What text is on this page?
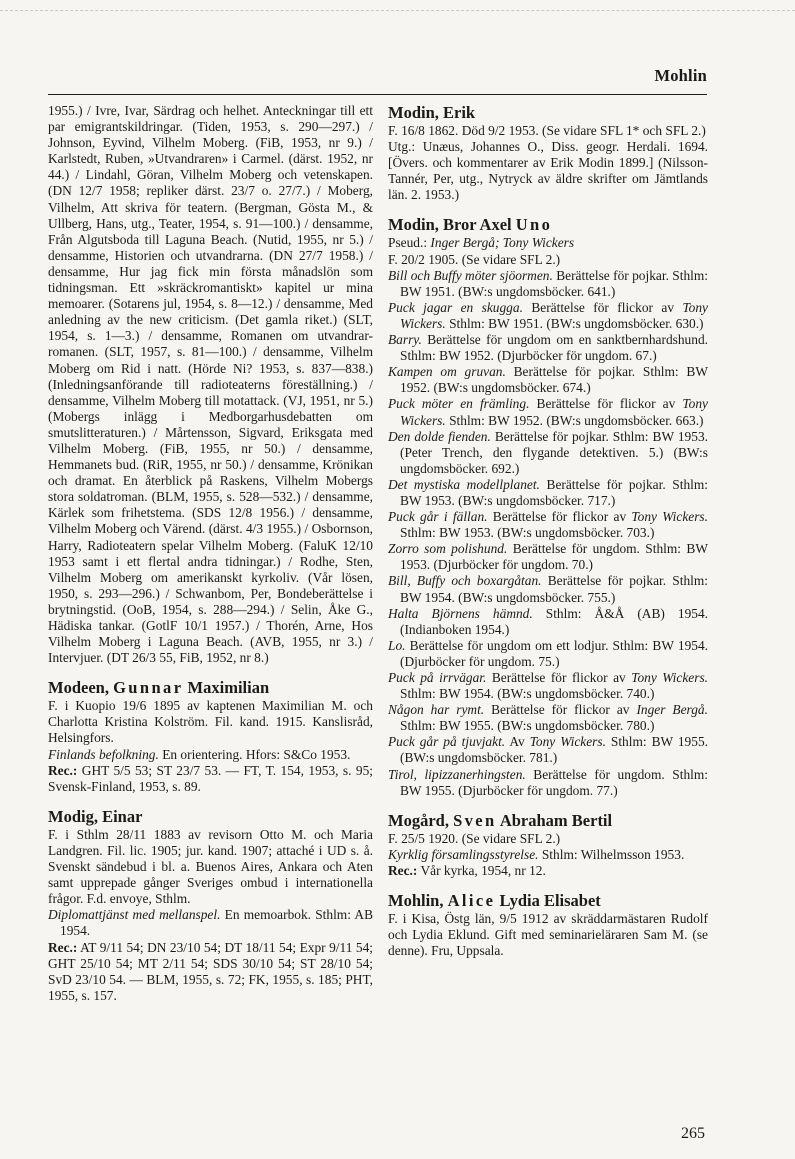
Mohlin

1955.) / Ivre, Ivar, Särdrag och helhet. Anteckningar till ett par emigrantskildringar. (Tiden, 1953, s. 290—297.) / Johnson, Eyvind, Vilhelm Moberg. (FiB, 1953, nr 9.) / Karlstedt, Ruben, »Utvandraren» i Carmel. (därst. 1952, nr 44.) / Lindahl, Göran, Vilhelm Moberg och vetenskapen. (DN 12/7 1958; repliker därst. 23/7 o. 27/7.) / Moberg, Vilhelm, Att skriva för teatern. (Bergman, Gösta M., & Ullberg, Hans, utg., Teater, 1954, s. 91—100.) / densamme, Från Algutsboda till Laguna Beach. (Nutid, 1955, nr 5.) / densamme, Historien och utvandrarna. (DN 27/7 1958.) / densamme, Hur jag fick min första månadslön som tidningsman. Ett »skräckromantiskt» kapitel ur mina memoarer. (Sotarens jul, 1954, s. 8—12.) / densamme, Med anledning av the new criticism. (Det gamla riket.) (SLT, 1954, s. 1—3.) / densamme, Romanen om utvandrar-romanen. (SLT, 1957, s. 81—100.) / densamme, Vilhelm Moberg om Rid i natt. (Hörde Ni? 1953, s. 837—838.) (Inledningsanförande till radioteaterns föreställning.) / densamme, Vilhelm Moberg till motattack. (VJ, 1951, nr 5.) (Mobergs inlägg i Medborgarhusdebatten om smutslitteraturen.) / Mårtensson, Sigvard, Eriksgata med Vilhelm Moberg. (FiB, 1955, nr 50.) / densamme, Hemmanets bud. (RiR, 1955, nr 50.) / densamme, Krönikan och dramat. En återblick på Raskens, Vilhelm Mobergs stora soldatroman. (BLM, 1955, s. 528—532.) / densamme, Kärlek som frihetstema. (SDS 12/8 1956.) / densamme, Vilhelm Moberg och Värend. (därst. 4/3 1955.) / Osbornson, Harry, Radioteatern spelar Vilhelm Moberg. (FaluK 12/10 1953 samt i ett flertal andra tidningar.) / Rodhe, Sten, Vilhelm Moberg om amerikanskt kyrkoliv. (Vår lösen, 1950, s. 293—296.) / Schwanbom, Per, Bondeberättelse i brytningstid. (OoB, 1954, s. 288—294.) / Selin, Åke G., Hädiska tankar. (GotlF 10/1 1957.) / Thorén, Arne, Hos Vilhelm Moberg i Laguna Beach. (AVB, 1955, nr 3.) / Intervjuer. (DT 26/3 55, FiB, 1952, nr 8.)

Modeen, Gunnar Maximilian

F. i Kuopio 19/6 1895 av kaptenen Maximilian M. och Charlotta Kristina Kolström. Fil. kand. 1915. Kanslisråd, Helsingfors.

Finlands befolkning. En orientering. Hfors: S&Co 1953.

Rec.: GHT 5/5 53; ST 23/7 53. — FT, T. 154, 1953, s. 95; Svensk-Finland, 1953, s. 89.

Modig, Einar

F. i Sthlm 28/11 1883 av revisorn Otto M. och Maria Landgren. Fil. lic. 1905; jur. kand. 1907; attaché i UD s. å. Svenskt sändebud i bl. a. Buenos Aires, Ankara och Aten samt upprepade gånger Sveriges ombud i internationella frågor. F.d. envoye, Sthlm.

Diplomattjänst med mellanspel. En memoarbok. Sthlm: AB 1954.

Rec.: AT 9/11 54; DN 23/10 54; DT 18/11 54; Expr 9/11 54; GHT 25/10 54; MT 2/11 54; SDS 30/10 54; ST 28/10 54; SvD 23/10 54. — BLM, 1955, s. 72; FK, 1955, s. 185; PHT, 1955, s. 157.

Modin, Erik

F. 16/8 1862. Död 9/2 1953. (Se vidare SFL 1* och SFL 2.)

Utg.: Unæus, Johannes O., Diss. geogr. Herdali. 1694. [Övers. och kommentarer av Erik Modin 1899.] (Nilsson-Tannér, Per, utg., Nytryck av äldre skrifter om Jämtlands län. 2. 1953.)

Modin, Bror Axel Uno

Pseud.: Inger Bergå; Tony Wickers

F. 20/2 1905. (Se vidare SFL 2.)

Bill och Buffy möter sjöormen. Berättelse för pojkar. Sthlm: BW 1951. (BW:s ungdomsböcker. 641.)

Puck jagar en skugga. Berättelse för flickor av Tony Wickers. Sthlm: BW 1951. (BW:s ungdomsböcker. 630.)

Barry. Berättelse för ungdom om en sanktbernhardshund. Sthlm: BW 1952. (Djurböcker för ungdom. 67.)

Kampen om gruvan. Berättelse för pojkar. Sthlm: BW 1952. (BW:s ungdomsböcker. 674.)

Puck möter en främling. Berättelse för flickor av Tony Wickers. Sthlm: BW 1952. (BW:s ungdomsböcker. 663.)

Den dolde fienden. Berättelse för pojkar. Sthlm: BW 1953. (Peter Trench, den flygande detektiven. 5.) (BW:s ungdomsböcker. 692.)

Det mystiska modellplanet. Berättelse för pojkar. Sthlm: BW 1953. (BW:s ungdomsböcker. 717.)

Puck går i fällan. Berättelse för flickor av Tony Wickers. Sthlm: BW 1953. (BW:s ungdomsböcker. 703.)

Zorro som polishund. Berättelse för ungdom. Sthlm: BW 1953. (Djurböcker för ungdom. 70.)

Bill, Buffy och boxargåtan. Berättelse för pojkar. Sthlm: BW 1954. (BW:s ungdomsböcker. 755.)

Halta Björnens hämnd. Sthlm: Å&Å (AB) 1954. (Indianboken 1954.)

Lo. Berättelse för ungdom om ett lodjur. Sthlm: BW 1954. (Djurböcker för ungdom. 75.)

Puck på irrvägar. Berättelse för flickor av Tony Wickers. Sthlm: BW 1954. (BW:s ungdomsböcker. 740.)

Någon har rymt. Berättelse för flickor av Inger Bergå. Sthlm: BW 1955. (BW:s ungdomsböcker. 780.)

Puck går på tjuvjakt. Av Tony Wickers. Sthlm: BW 1955. (BW:s ungdomsböcker. 781.)

Tirol, lipizzanerhingsten. Berättelse för ungdom. Sthlm: BW 1955. (Djurböcker för ungdom. 77.)

Mogård, Sven Abraham Bertil

F. 25/5 1920. (Se vidare SFL 2.)

Kyrklig församlingsstyrelse. Sthlm: Wilhelmsson 1953.

Rec.: Vår kyrka, 1954, nr 12.

Mohlin, Alice Lydia Elisabet

F. i Kisa, Östg län, 9/5 1912 av skräddarmästaren Rudolf och Lydia Eklund. Gift med seminarieläraren Sam M. (se denne). Fru, Uppsala.

265
